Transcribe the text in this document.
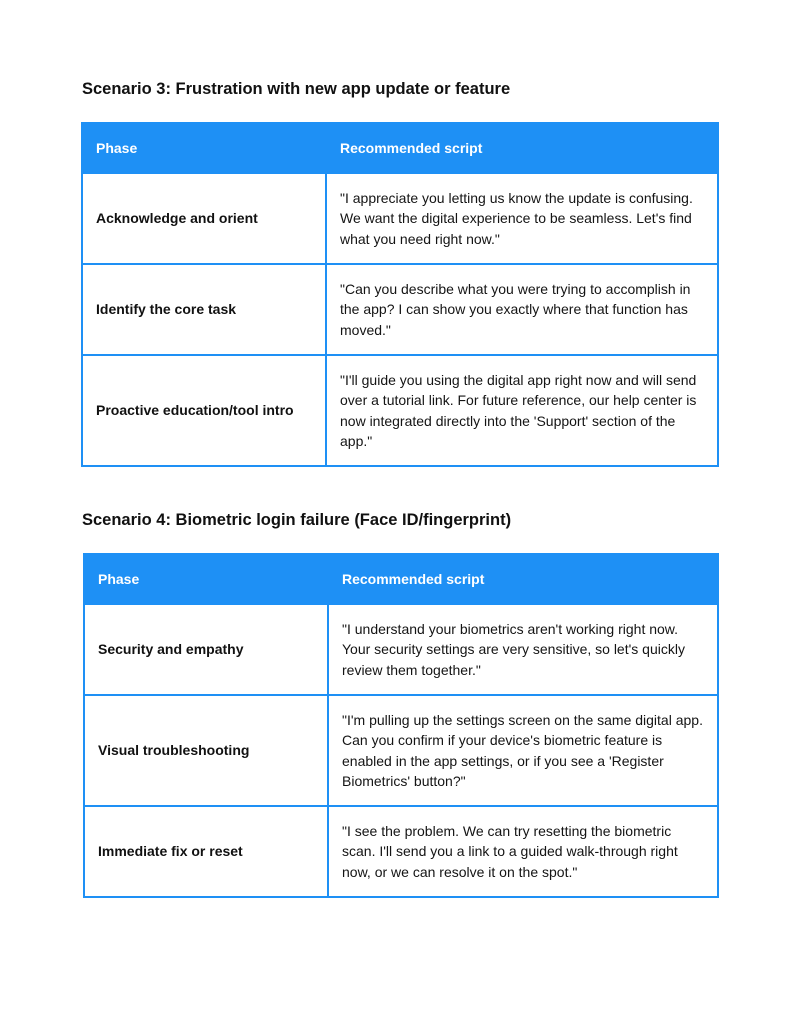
Scenario 3: Frustration with new app update or feature
Phase	Recommended script
Acknowledge and orient	"I appreciate you letting us know the update is confusing. We want the digital experience to be seamless. Let's find what you need right now."
Identify the core task	"Can you describe what you were trying to accomplish in the app? I can show you exactly where that function has moved."
Proactive education/tool intro	"I'll guide you using the digital app right now and will send over a tutorial link. For future reference, our help center is now integrated directly into the 'Support' section of the app."
Scenario 4: Biometric login failure (Face ID/fingerprint)
Phase	Recommended script
Security and empathy	"I understand your biometrics aren't working right now. Your security settings are very sensitive, so let's quickly review them together."
Visual troubleshooting	"I'm pulling up the settings screen on the same digital app. Can you confirm if your device's biometric feature is enabled in the app settings, or if you see a 'Register Biometrics' button?"
Immediate fix or reset	"I see the problem. We can try resetting the biometric scan. I'll send you a link to a guided walk-through right now, or we can resolve it on the spot."
